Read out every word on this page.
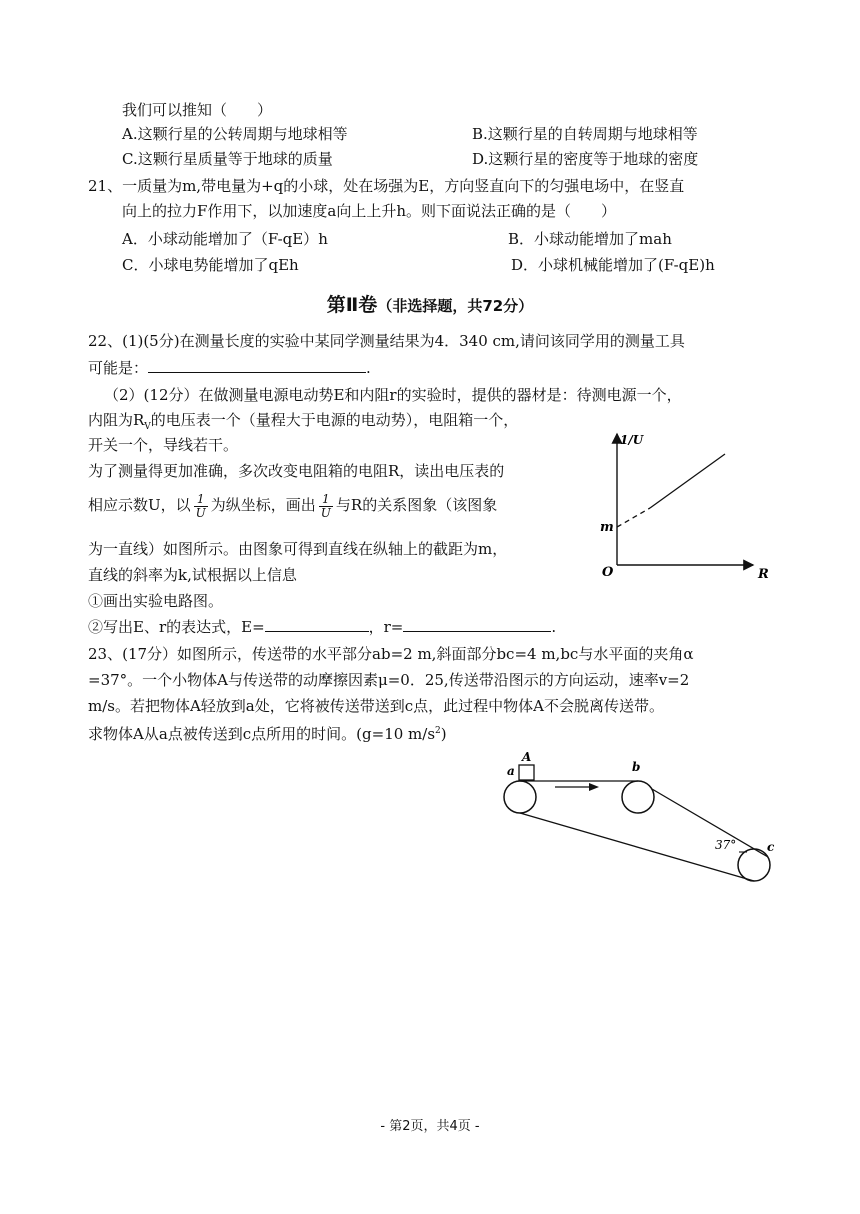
我们可以推知（　　）
A.这颗行星的公转周期与地球相等	B.这颗行星的自转周期与地球相等
C.这颗行星质量等于地球的质量	D.这颗行星的密度等于地球的密度
21、一质量为m,带电量为+q的小球，处在场强为E，方向竖直向下的匀强电场中，在竖直
向上的拉力F作用下，以加速度a向上上升h。则下面说法正确的是（　　）
A．小球动能增加了（F-qE）h	B．小球动能增加了mah
C．小球电势能增加了qEh	D．小球机械能增加了(F-qE)h
第Ⅱ卷（非选择题，共72分）
22、(1)(5分)在测量长度的实验中某同学测量结果为4．340 cm,请问该同学用的测量工具
可能是：	.
（2）(12分）在做测量电源电动势E和内阻r的实验时，提供的器材是：待测电源一个，
内阻为$R_V$的电压表一个（量程大于电源的电动势），电阻箱一个，
开关一个，导线若干。
为了测量得更加准确，多次改变电阻箱的电阻R，读出电压表的
相应示数U，以 $\frac{1}{U}$ 为纵坐标，画出 $\frac{1}{U}$ 与R的关系图象（该图象
为一直线）如图所示。由图象可得到直线在纵轴上的截距为m，
直线的斜率为k,试根据以上信息
①画出实验电路图。
②写出E、r的表达式，E=	，r=	.
1/U
R
O
m
23、(17分）如图所示，传送带的水平部分ab=2 m,斜面部分bc=4 m,bc与水平面的夹角α
=37°。一个小物体A与传送带的动摩擦因素μ=0．25,传送带沿图示的方向运动，速率v=2
m/s。若把物体A轻放到a处，它将被传送带送到c点，此过程中物体A不会脱离传送带。
求物体A从a点被传送到c点所用的时间。(g=10 $m/s^2$)
A
a	b
c
37°
- 第2页，共4页 -
